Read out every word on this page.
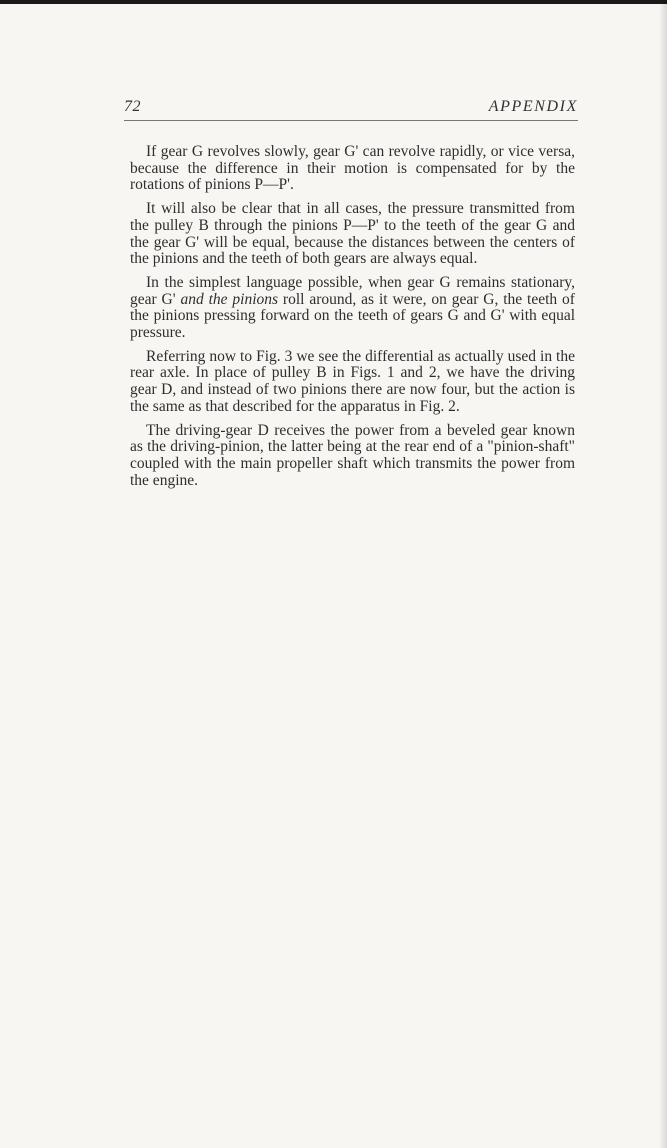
72	APPENDIX

If gear G revolves slowly, gear G' can revolve rapidly, or vice versa, because the difference in their motion is compensated for by the rotations of pinions P—P'.

It will also be clear that in all cases, the pressure transmitted from the pulley B through the pinions P—P' to the teeth of the gear G and the gear G' will be equal, because the distances between the centers of the pinions and the teeth of both gears are always equal.

In the simplest language possible, when gear G remains stationary, gear G' and the pinions roll around, as it were, on gear G, the teeth of the pinions pressing forward on the teeth of gears G and G' with equal pressure.

Referring now to Fig. 3 we see the differential as actually used in the rear axle. In place of pulley B in Figs. 1 and 2, we have the driving gear D, and instead of two pinions there are now four, but the action is the same as that described for the apparatus in Fig. 2.

The driving-gear D receives the power from a beveled gear known as the driving-pinion, the latter being at the rear end of a "pinion-shaft" coupled with the main propeller shaft which transmits the power from the engine.
